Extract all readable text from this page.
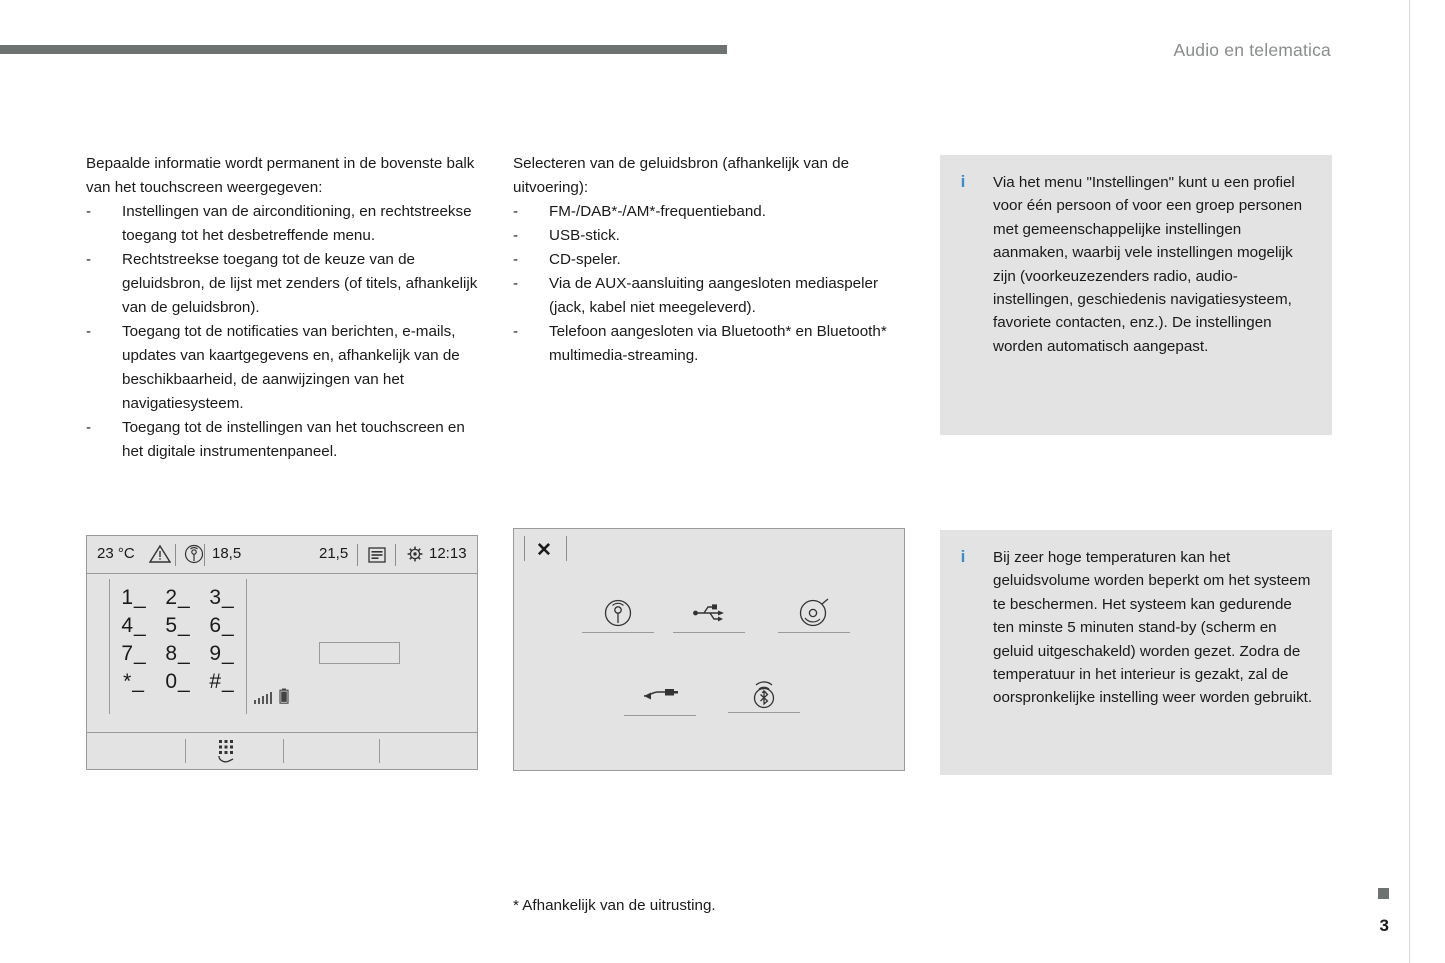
Audio en telematica

Bepaalde informatie wordt permanent in de bovenste balk van het touchscreen weergegeven:

- Instellingen van de airconditioning, en rechtstreekse toegang tot het desbetreffende menu.
- Rechtstreekse toegang tot de keuze van de geluidsbron, de lijst met zenders (of titels, afhankelijk van de geluidsbron).
- Toegang tot de notificaties van berichten, e-mails, updates van kaartgegevens en, afhankelijk van de beschikbaarheid, de aanwijzingen van het navigatiesysteem.
- Toegang tot de instellingen van het touchscreen en het digitale instrumentenpaneel.

Selecteren van de geluidsbron (afhankelijk van de uitvoering):

- FM-/DAB*-/AM*-frequentieband.
- USB-stick.
- CD-speler.
- Via de AUX-aansluiting aangesloten mediaspeler (jack, kabel niet meegeleverd).
- Telefoon aangesloten via Bluetooth* en Bluetooth* multimedia-streaming.
i	Via het menu "Instellingen" kunt u een profiel voor één persoon of voor een groep personen met gemeenschappelijke instellingen aanmaken, waarbij vele instellingen mogelijk zijn (voorkeuzezenders radio, audio-instellingen, geschiedenis navigatiesysteem, favoriete contacten, enz.). De instellingen worden automatisch aangepast.
i	Bij zeer hoge temperaturen kan het geluidsvolume worden beperkt om het systeem te beschermen. Het systeem kan gedurende ten minste 5 minuten stand-by (scherm en geluid uitgeschakeld) worden gezet. Zodra de temperatuur in het interieur is gezakt, zal de oorspronkelijke instelling weer worden gebruikt.
23 °C	18,5	21,5	12:13
1_ 2_ 3_
4_ 5_ 6_
7_ 8_ 9_
*_ 0_ #_
✕
* Afhankelijk van de uitrusting.
3
